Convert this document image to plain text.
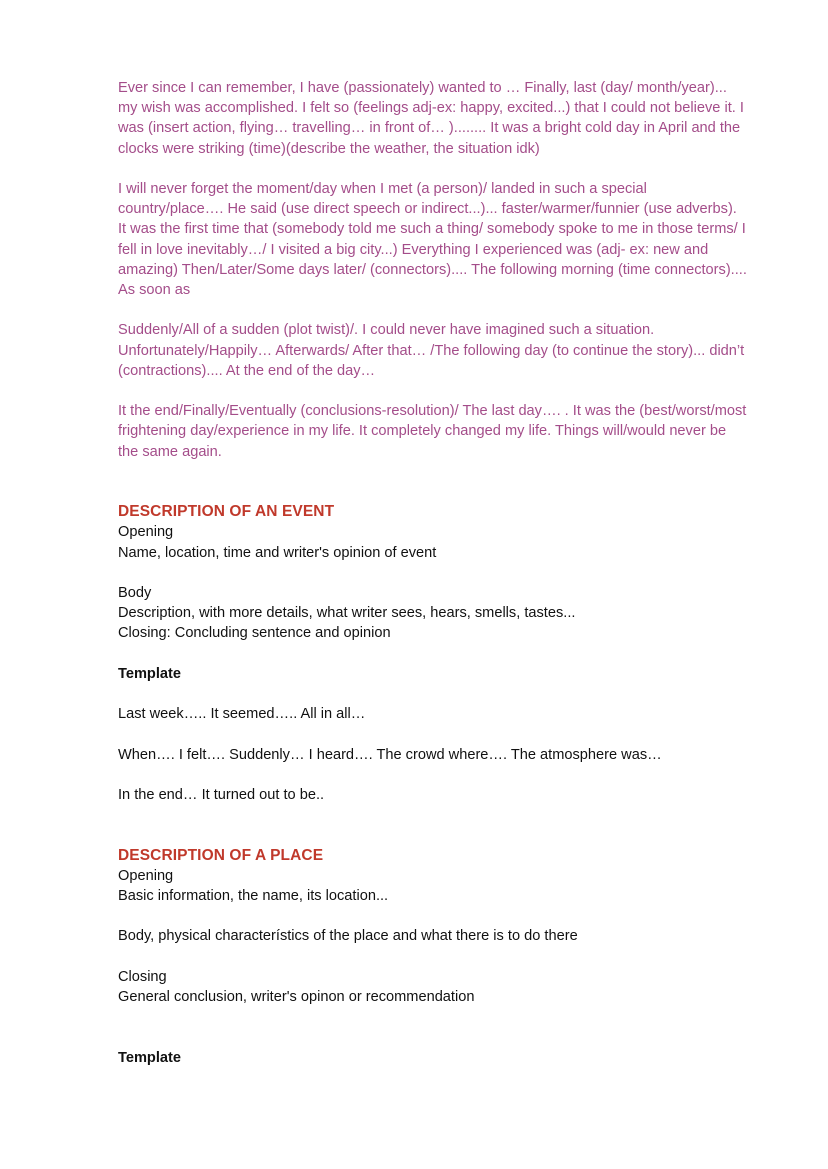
Ever since I can remember, I have (passionately) wanted to … Finally, last (day/ month/year)... my wish was accomplished. I felt so (feelings adj-ex: happy, excited...) that I could not believe it. I was (insert action, flying… travelling… in front of… )........ It was a bright cold day in April and the clocks were striking (time)(describe the weather, the situation idk)

I will never forget the moment/day when I met (a person)/ landed in such a special country/place…. He said (use direct speech or indirect...)... faster/warmer/funnier (use adverbs). It was the first time that (somebody told me such a thing/ somebody spoke to me in those terms/ I fell in love inevitably…/ I visited a big city...) Everything I experienced was (adj- ex: new and amazing) Then/Later/Some days later/ (connectors).... The following morning (time connectors).... As soon as

Suddenly/All of a sudden (plot twist)/. I could never have imagined such a situation. Unfortunately/Happily… Afterwards/ After that… /The following day (to continue the story)... didn’t (contractions).... At the end of the day…

It the end/Finally/Eventually (conclusions-resolution)/ The last day…. . It was the (best/worst/most frightening day/experience in my life. It completely changed my life. Things will/would never be the same again.

DESCRIPTION OF AN EVENT

Opening

Name, location, time and writer's opinion of event

Body

Description, with more details, what writer sees, hears, smells, tastes...

Closing: Concluding sentence and opinion

Template

Last week….. It seemed….. All in all…

When…. I felt…. Suddenly… I heard…. The crowd where…. The atmosphere was…

In the end… It turned out to be..

DESCRIPTION OF A PLACE

Opening

Basic information, the name, its location...

Body, physical characterístics of the place and what there is to do there

Closing

General conclusion, writer's opinon or recommendation

Template
